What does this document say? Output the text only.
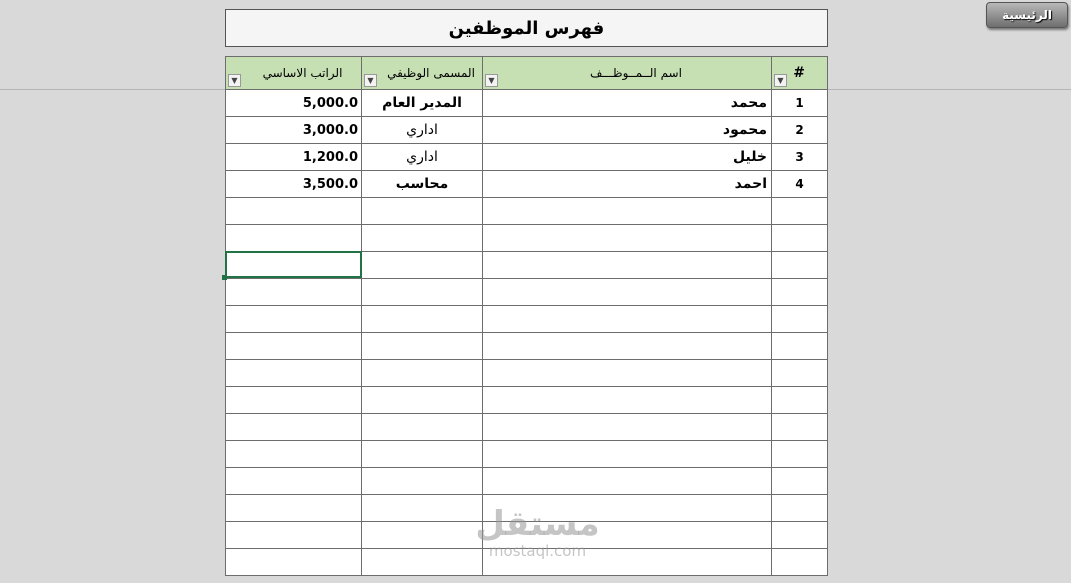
الرئيسية
فهرس الموظفين
#
▼
اسم الــمــوظـــف
▼
المسمى الوظيفي
▼
الراتب الاساسي
▼
1
محمد
المدير العام
5,000.0
2
محمود
اداري
3,000.0
3
خليل
اداري
1,200.0
4
احمد
محاسب
3,500.0
مستقل
mostaql.com
